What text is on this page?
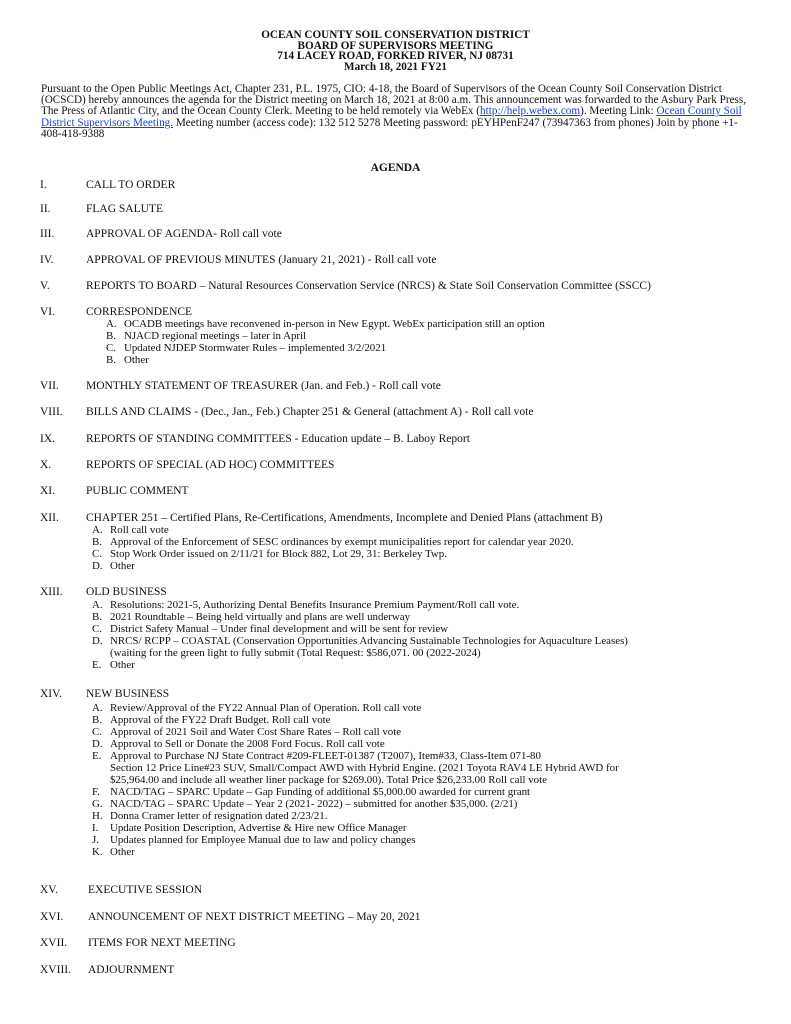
OCEAN COUNTY SOIL CONSERVATION DISTRICT
BOARD OF SUPERVISORS MEETING
714 LACEY ROAD, FORKED RIVER, NJ 08731
March 18, 2021 FY21
Pursuant to the Open Public Meetings Act, Chapter 231, P.L. 1975, CIO: 4-18, the Board of Supervisors of the Ocean County Soil Conservation District (OCSCD) hereby announces the agenda for the District meeting on March 18, 2021 at 8:00 a.m. This announcement was forwarded to the Asbury Park Press, The Press of Atlantic City, and the Ocean County Clerk. Meeting to be held remotely via WebEx (http://help.webex.com). Meeting Link: Ocean County Soil District Supervisors Meeting. Meeting number (access code): 132 512 5278 Meeting password: pEYHPenF247 (73947363 from phones) Join by phone +1-408-418-9388
AGENDA
I.	CALL TO ORDER
II.	FLAG SALUTE
III.	APPROVAL OF AGENDA- Roll call vote
IV.	APPROVAL OF PREVIOUS MINUTES (January 21, 2021) - Roll call vote
V.	REPORTS TO BOARD – Natural Resources Conservation Service (NRCS) & State Soil Conservation Committee (SSCC)
VI.	CORRESPONDENCE
A. OCADB meetings have reconvened in-person in New Egypt. WebEx participation still an option
B. NJACD regional meetings – later in April
C. Updated NJDEP Stormwater Rules – implemented 3/2/2021
B. Other
VII. MONTHLY STATEMENT OF TREASURER (Jan. and Feb.) - Roll call vote
VIII. BILLS AND CLAIMS - (Dec., Jan., Feb.) Chapter 251 & General (attachment A) - Roll call vote
IX.	REPORTS OF STANDING COMMITTEES - Education update – B. Laboy Report
X.	REPORTS OF SPECIAL (AD HOC) COMMITTEES
XI.	PUBLIC COMMENT
XII. CHAPTER 251 – Certified Plans, Re-Certifications, Amendments, Incomplete and Denied Plans (attachment B)
A. Roll call vote
B. Approval of the Enforcement of SESC ordinances by exempt municipalities report for calendar year 2020.
C. Stop Work Order issued on 2/11/21 for Block 882, Lot 29, 31: Berkeley Twp.
D. Other
XIII. OLD BUSINESS
A. Resolutions: 2021-5, Authorizing Dental Benefits Insurance Premium Payment/Roll call vote.
B. 2021 Roundtable – Being held virtually and plans are well underway
C. District Safety Manual – Under final development and will be sent for review
D. NRCS/ RCPP – COASTAL (Conservation Opportunities Advancing Sustainable Technologies for Aquaculture Leases)
(waiting for the green light to fully submit (Total Request: $586,071. 00 (2022-2024)
E. Other
XIV. NEW BUSINESS
A. Review/Approval of the FY22 Annual Plan of Operation. Roll call vote
B. Approval of the FY22 Draft Budget. Roll call vote
C. Approval of 2021 Soil and Water Cost Share Rates – Roll call vote
D. Approval to Sell or Donate the 2008 Ford Focus. Roll call vote
E. Approval to Purchase NJ State Contract #209-FLEET-01387 (T2007), Item#33, Class-Item 071-80
Section 12 Price Line#23 SUV, Small/Compact AWD with Hybrid Engine. (2021 Toyota RAV4 LE Hybrid AWD for
$25,964.00 and include all weather liner package for $269.00). Total Price $26,233.00 Roll call vote
F. NACD/TAG – SPARC Update – Gap Funding of additional $5,000.00 awarded for current grant
G. NACD/TAG – SPARC Update – Year 2 (2021- 2022) – submitted for another $35,000. (2/21)
H. Donna Cramer letter of resignation dated 2/23/21.
I. Update Position Description, Advertise & Hire new Office Manager
J. Updates planned for Employee Manual due to law and policy changes
K. Other
XV.	EXECUTIVE SESSION
XVI. ANNOUNCEMENT OF NEXT DISTRICT MEETING – May 20, 2021
XVII. ITEMS FOR NEXT MEETING
XVIII. ADJOURNMENT
